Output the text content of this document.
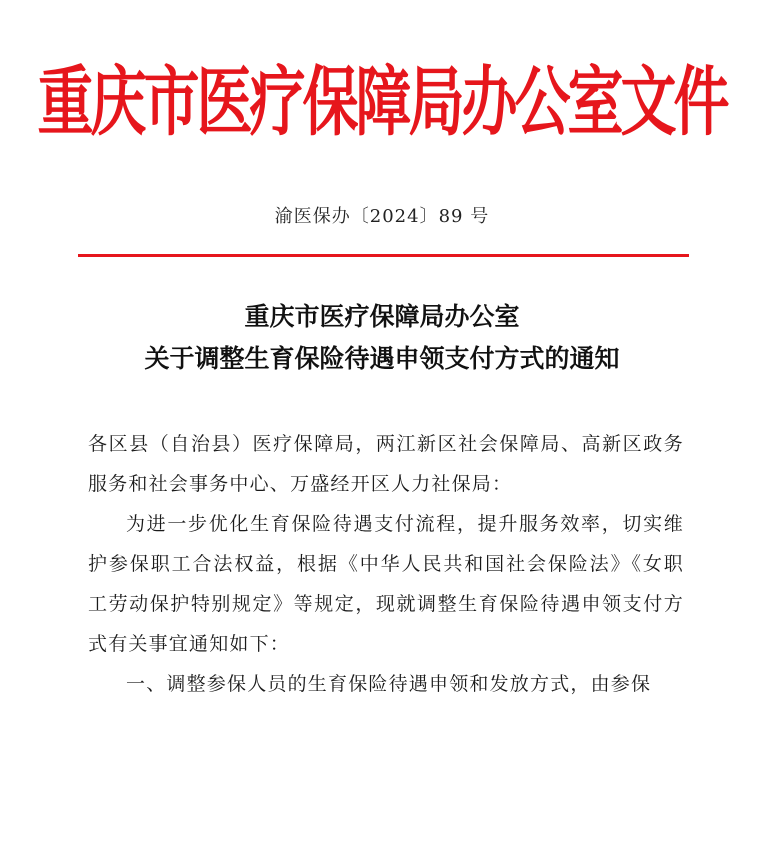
重庆市医疗保障局办公室文件
渝医保办〔2024〕89 号
重庆市医疗保障局办公室
关于调整生育保险待遇申领支付方式的通知

各区县（自治县）医疗保障局，两江新区社会保障局、高新区政务服务和社会事务中心、万盛经开区人力社保局：

为进一步优化生育保险待遇支付流程，提升服务效率，切实维护参保职工合法权益，根据《中华人民共和国社会保险法》《女职工劳动保护特别规定》等规定，现就调整生育保险待遇申领支付方式有关事宜通知如下：

一、调整参保人员的生育保险待遇申领和发放方式，由参保
